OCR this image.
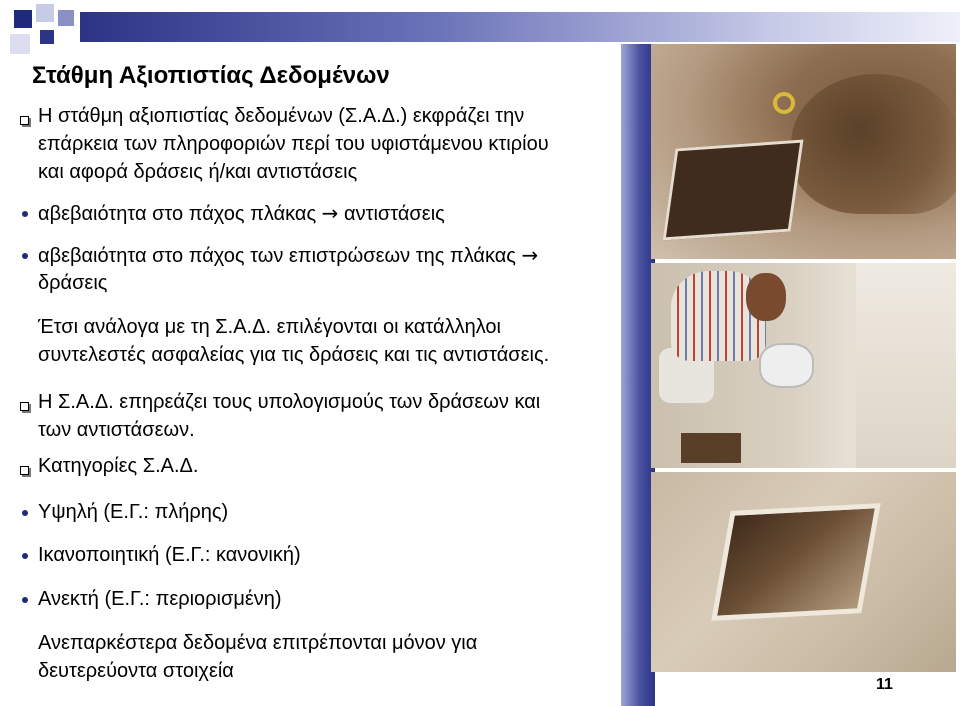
Στάθμη Αξιοπιστίας Δεδομένων
Η στάθμη αξιοπιστίας δεδομένων (Σ.Α.Δ.) εκφράζει την
επάρκεια των πληροφοριών περί του υφιστάμενου κτιρίου
και αφορά δράσεις ή/και αντιστάσεις
αβεβαιότητα στο πάχος πλάκας → αντιστάσεις
αβεβαιότητα στο πάχος των επιστρώσεων της πλάκας →
δράσεις
Έτσι ανάλογα με τη Σ.Α.Δ. επιλέγονται οι κατάλληλοι
συντελεστές ασφαλείας για τις δράσεις και τις αντιστάσεις.
Η Σ.Α.Δ. επηρεάζει τους υπολογισμούς των δράσεων και
των αντιστάσεων.
Κατηγορίες Σ.Α.Δ.
Υψηλή (Ε.Γ.: πλήρης)
Ικανοποιητική (Ε.Γ.: κανονική)
Ανεκτή (Ε.Γ.: περιορισμένη)
Ανεπαρκέστερα δεδομένα επιτρέπονται μόνον για
δευτερεύοντα στοιχεία
11
